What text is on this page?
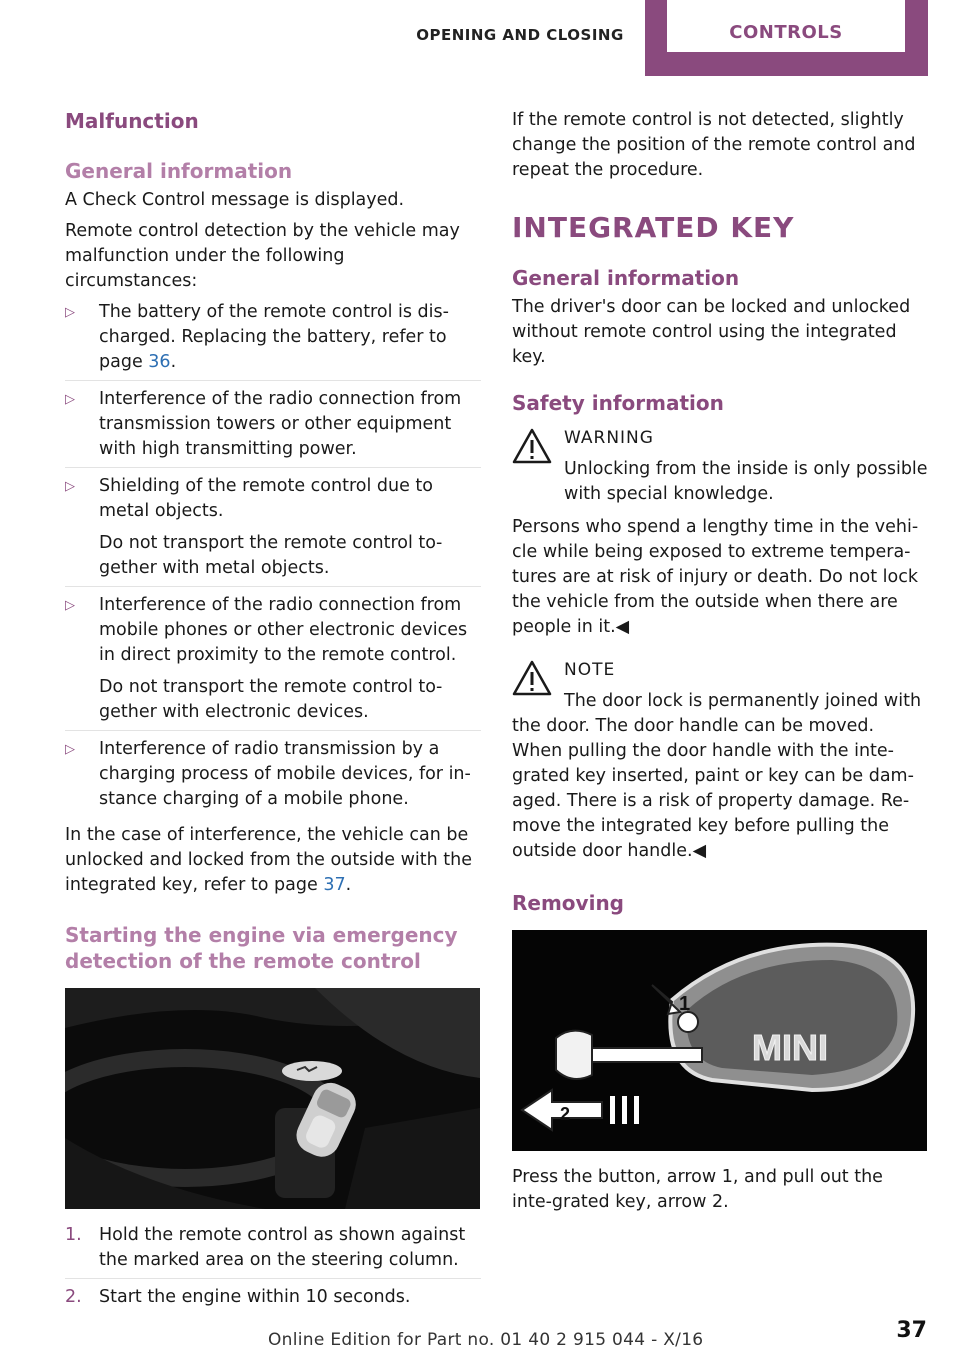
OPENING AND CLOSING	CONTROLS
Malfunction
General information

A Check Control message is displayed.

Remote control detection by the vehicle may malfunction under the following circumstances:

▷ The battery of the remote control is dis‐charged. Replacing the battery, refer to page 36.
▷ Interference of the radio connection from transmission towers or other equipment with high transmitting power.
▷ Shielding of the remote control due to metal objects.
Do not transport the remote control to‐gether with metal objects.
▷ Interference of the radio connection from mobile phones or other electronic devices in direct proximity to the remote control.
Do not transport the remote control to‐gether with electronic devices.
▷ Interference of radio transmission by a charging process of mobile devices, for in‐stance charging of a mobile phone.

In the case of interference, the vehicle can be unlocked and locked from the outside with the integrated key, refer to page 37.

Starting the engine via emergency detection of the remote control
1. Hold the remote control as shown against the marked area on the steering column.
2. Start the engine within 10 seconds.

If the remote control is not detected, slightly change the position of the remote control and repeat the procedure.

INTEGRATED KEY
General information

The driver's door can be locked and unlocked without remote control using the integrated key.

Safety information
WARNING
Unlocking from the inside is only possible with special knowledge.

Persons who spend a lengthy time in the vehi‐cle while being exposed to extreme tempera‐tures are at risk of injury or death. Do not lock the vehicle from the outside when there are people in it.◀

NOTE

The door lock is permanently joined with the door. The door handle can be moved. When pulling the door handle with the inte‐grated key inserted, paint or key can be dam‐aged. There is a risk of property damage. Re‐move the integrated key before pulling the outside door handle.◀

Removing
MINI
1
2

Press the button, arrow 1, and pull out the inte‐grated key, arrow 2.

Online Edition for Part no. 01 40 2 915 044 - X/16	37
